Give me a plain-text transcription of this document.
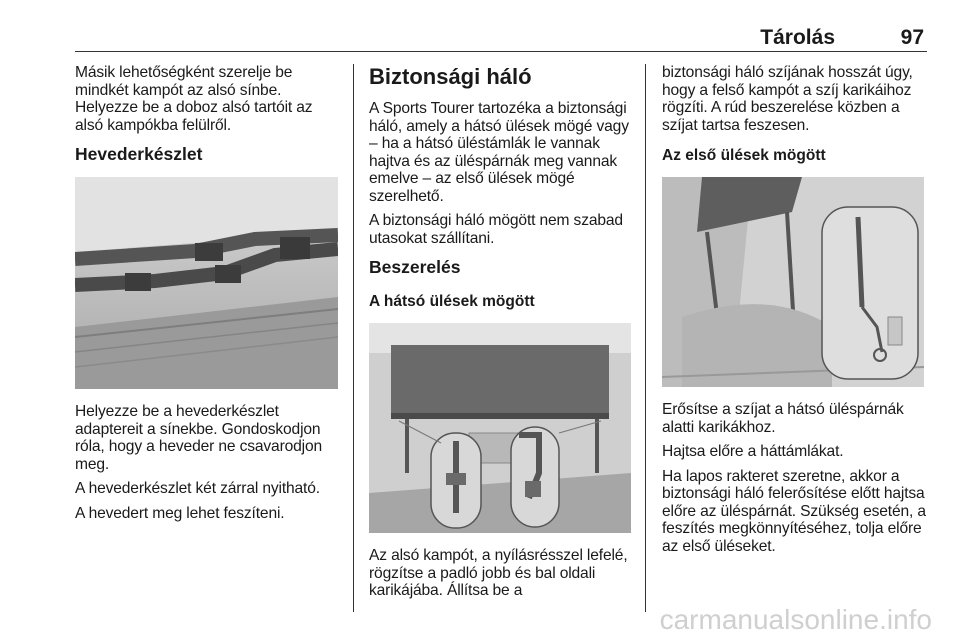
Tárolás	97

Másik lehetőségként szerelje be mindkét kampót az alsó sínbe. Helyezze be a doboz alsó tartóit az alsó kampókba felülről.

Hevederkészlet

Helyezze be a hevederkészlet adaptereit a sínekbe. Gondoskodjon róla, hogy a heveder ne csavarodjon meg.

A hevederkészlet két zárral nyitható.

A hevedert meg lehet feszíteni.

Biztonsági háló

A Sports Tourer tartozéka a biztonsági háló, amely a hátsó ülések mögé vagy – ha a hátsó üléstámlák le vannak hajtva és az üléspárnák meg vannak emelve – az első ülések mögé szerelhető.

A biztonsági háló mögött nem szabad utasokat szállítani.

Beszerelés
A hátsó ülések mögött

Az alsó kampót, a nyílásrésszel lefelé, rögzítse a padló jobb és bal oldali karikájába. Állítsa be a

biztonsági háló szíjának hosszát úgy, hogy a felső kampót a szíj karikáihoz rögzíti. A rúd beszerelése közben a szíjat tartsa feszesen.

Az első ülések mögött

Erősítse a szíjat a hátsó üléspárnák alatti karikákhoz.

Hajtsa előre a háttámlákat.

Ha lapos rakteret szeretne, akkor a biztonsági háló felerősítése előtt hajtsa előre az üléspárnát. Szükség esetén, a feszítés megkönnyítéséhez, tolja előre az első üléseket.

carmanualsonline.info
